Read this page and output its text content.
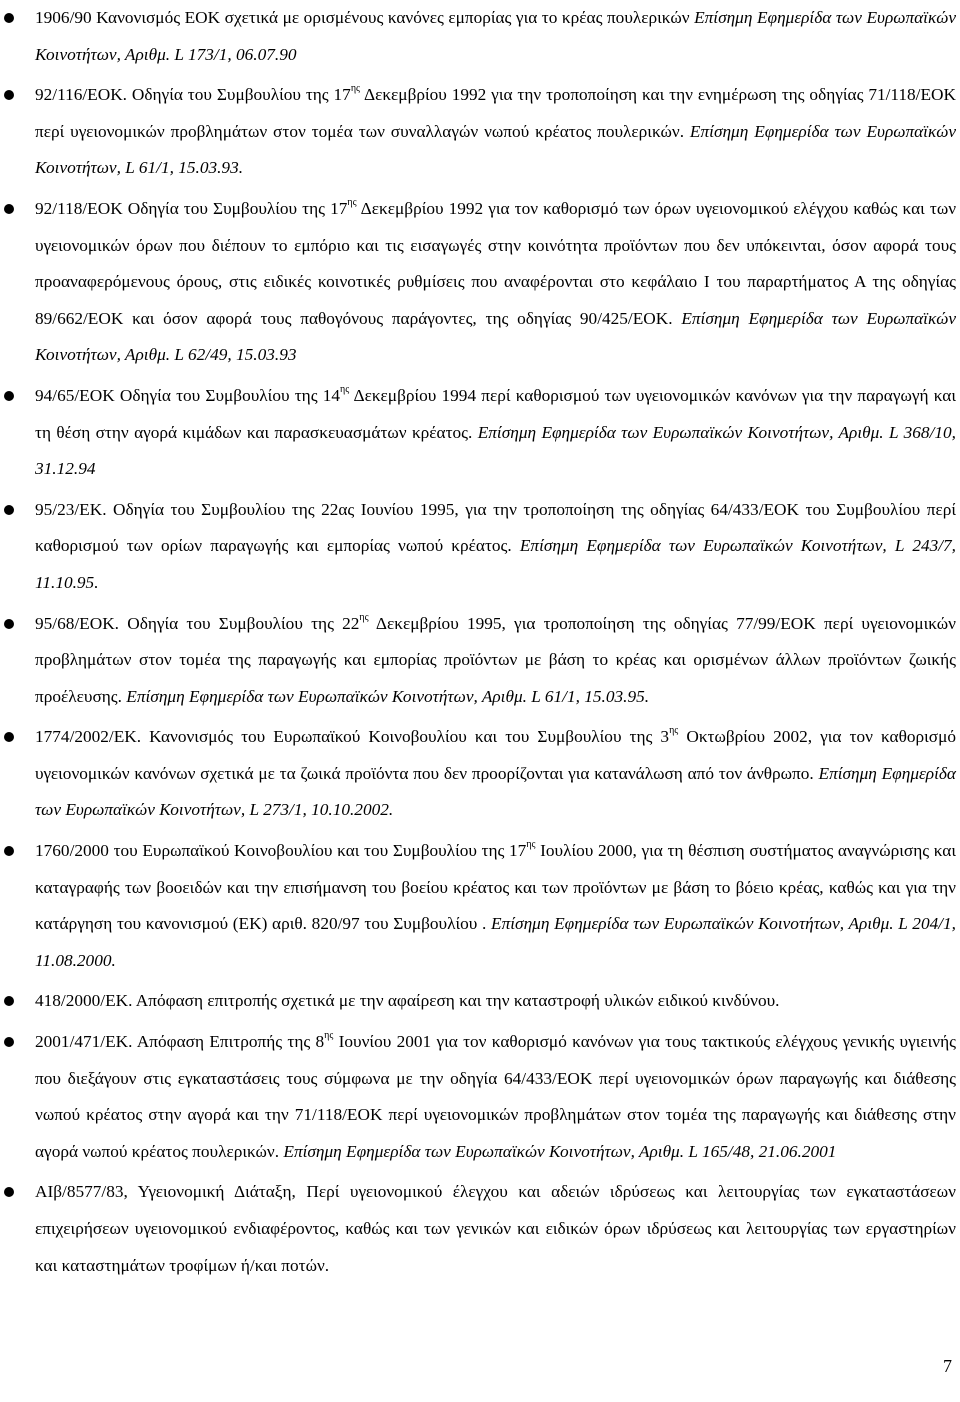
1906/90 Κανονισμός ΕΟΚ σχετικά με ορισμένους κανόνες εμπορίας για το κρέας πουλερικών Επίσημη Εφημερίδα των Ευρωπαϊκών Κοινοτήτων, Αριθμ. L 173/1, 06.07.90
92/116/ΕΟΚ. Οδηγία του Συμβουλίου της $17^{\eta\varsigma}$ Δεκεμβρίου 1992 για την τροποποίηση και την ενημέρωση της οδηγίας 71/118/ΕΟΚ περί υγειονομικών προβλημάτων στον τομέα των συναλλαγών νωπού κρέατος πουλερικών. Επίσημη Εφημερίδα των Ευρωπαϊκών Κοινοτήτων, L 61/1, 15.03.93.
92/118/ΕΟΚ Οδηγία του Συμβουλίου της $17^{\eta\varsigma}$ Δεκεμβρίου 1992 για τον καθορισμό των όρων υγειονομικού ελέγχου καθώς και των υγειονομικών όρων που διέπουν το εμπόριο και τις εισαγωγές στην κοινότητα προϊόντων που δεν υπόκεινται, όσον αφορά τους προαναφερόμενους όρους, στις ειδικές κοινοτικές ρυθμίσεις που αναφέρονται στο κεφάλαιο Ι του παραρτήματος Α της οδηγίας 89/662/ΕΟΚ και όσον αφορά τους παθογόνους παράγοντες, της οδηγίας 90/425/ΕΟΚ. Επίσημη Εφημερίδα των Ευρωπαϊκών Κοινοτήτων, Αριθμ. L 62/49, 15.03.93
94/65/ΕΟΚ Οδηγία του Συμβουλίου της $14^{\eta\varsigma}$ Δεκεμβρίου 1994 περί καθορισμού των υγειονομικών κανόνων για την παραγωγή και τη θέση στην αγορά κιμάδων και παρασκευασμάτων κρέατος. Επίσημη Εφημερίδα των Ευρωπαϊκών Κοινοτήτων, Αριθμ. L 368/10, 31.12.94
95/23/ΕΚ. Οδηγία του Συμβουλίου της 22ας Ιουνίου 1995, για την τροποποίηση της οδηγίας 64/433/ΕΟΚ του Συμβουλίου περί καθορισμού των ορίων παραγωγής και εμπορίας νωπού κρέατος. Επίσημη Εφημερίδα των Ευρωπαϊκών Κοινοτήτων, L 243/7, 11.10.95.
95/68/ΕΟΚ. Οδηγία του Συμβουλίου της $22^{\eta\varsigma}$ Δεκεμβρίου 1995, για τροποποίηση της οδηγίας 77/99/ΕΟΚ περί υγειονομικών προβλημάτων στον τομέα της παραγωγής και εμπορίας προϊόντων με βάση το κρέας και ορισμένων άλλων προϊόντων ζωικής προέλευσης. Επίσημη Εφημερίδα των Ευρωπαϊκών Κοινοτήτων, Αριθμ. L 61/1, 15.03.95.
1774/2002/ΕΚ. Κανονισμός του Ευρωπαϊκού Κοινοβουλίου και του Συμβουλίου της $3^{\eta\varsigma}$ Οκτωβρίου 2002, για τον καθορισμό υγειονομικών κανόνων σχετικά με τα ζωικά προϊόντα που δεν προορίζονται για κατανάλωση από τον άνθρωπο. Επίσημη Εφημερίδα των Ευρωπαϊκών Κοινοτήτων, L 273/1, 10.10.2002.
1760/2000 του Ευρωπαϊκού Κοινοβουλίου και του Συμβουλίου της $17^{\eta\varsigma}$ Ιουλίου 2000, για τη θέσπιση συστήματος αναγνώρισης και καταγραφής των βοοειδών και την επισήμανση του βοείου κρέατος και των προϊόντων με βάση το βόειο κρέας, καθώς και για την κατάργηση του κανονισμού (ΕΚ) αριθ. 820/97 του Συμβουλίου . Επίσημη Εφημερίδα των Ευρωπαϊκών Κοινοτήτων, Αριθμ. L 204/1, 11.08.2000.
418/2000/ΕΚ. Απόφαση επιτροπής σχετικά με την αφαίρεση και την καταστροφή υλικών ειδικού κινδύνου.
2001/471/ΕΚ. Απόφαση Επιτροπής της $8^{\eta\varsigma}$ Ιουνίου 2001 για τον καθορισμό κανόνων για τους τακτικούς ελέγχους γενικής υγιεινής που διεξάγουν στις εγκαταστάσεις τους σύμφωνα με την οδηγία 64/433/ΕΟΚ περί υγειονομικών όρων παραγωγής και διάθεσης νωπού κρέατος στην αγορά και την 71/118/ΕΟΚ περί υγειονομικών προβλημάτων στον τομέα της παραγωγής και διάθεσης στην αγορά νωπού κρέατος πουλερικών. Επίσημη Εφημερίδα των Ευρωπαϊκών Κοινοτήτων, Αριθμ. L 165/48, 21.06.2001
ΑΙβ/8577/83, Υγειονομική Διάταξη, Περί υγειονομικού έλεγχου και αδειών ιδρύσεως και λειτουργίας των εγκαταστάσεων επιχειρήσεων υγειονομικού ενδιαφέροντος, καθώς και των γενικών και ειδικών όρων ιδρύσεως και λειτουργίας των εργαστηρίων και καταστημάτων τροφίμων ή/και ποτών.
7
